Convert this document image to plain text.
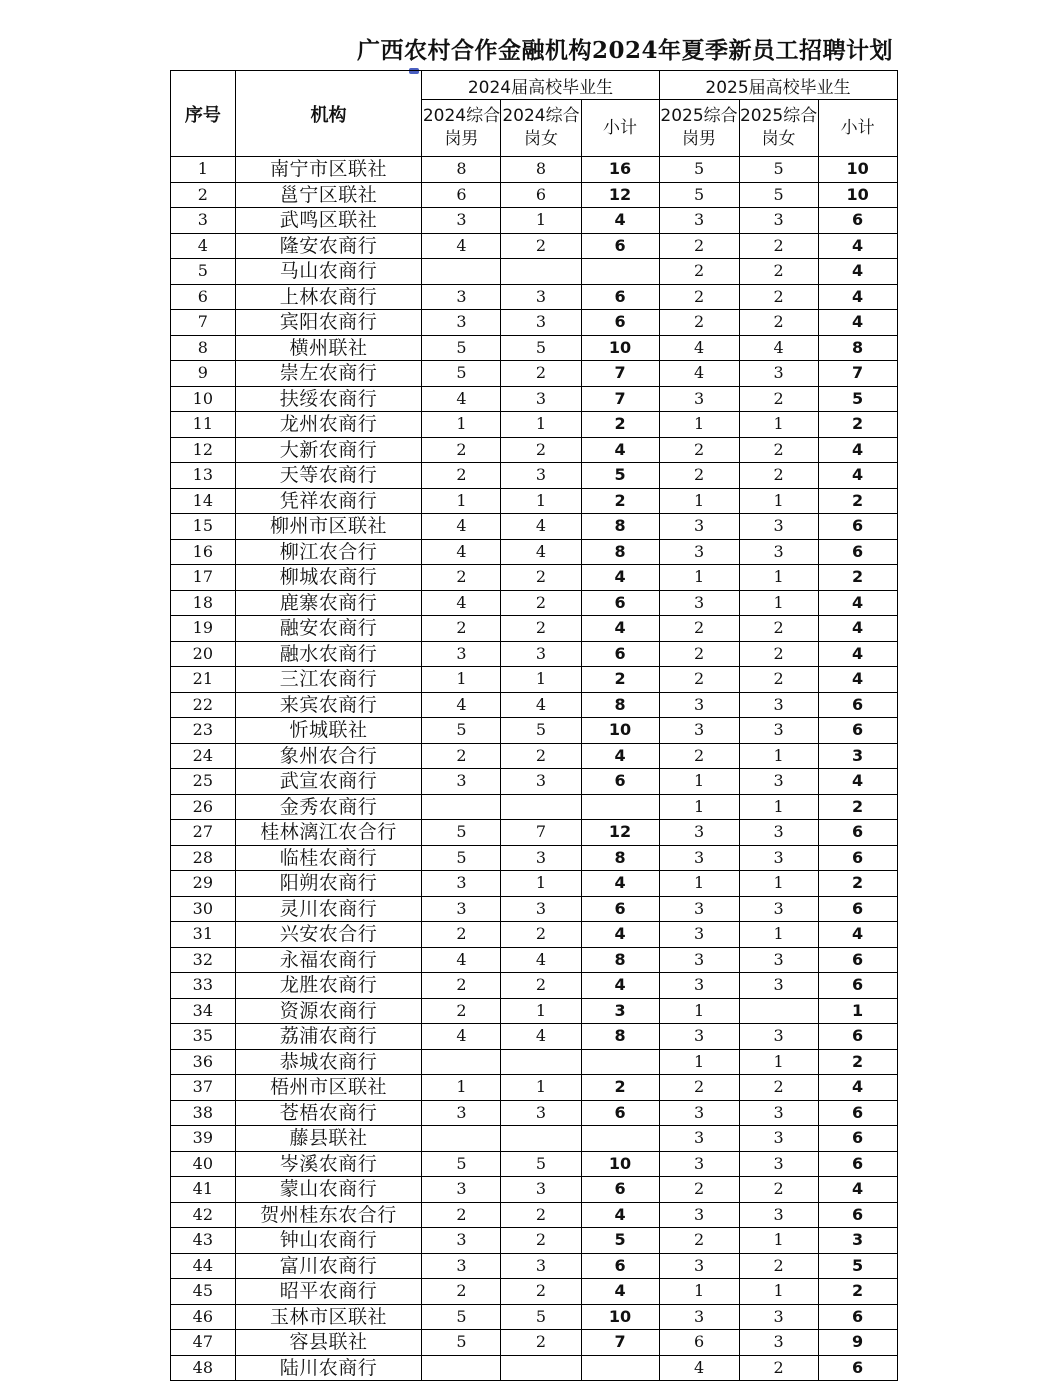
广西农村合作金融机构2024年夏季新员工招聘计划
序号	机构	2024届高校毕业生			2025届高校毕业生			
		2024综合岗男	2024综合岗女	小计	2025综合岗男	2025综合岗女	小计	
1	南宁市区联社	8	8	16	5	5	10	
2	邕宁区联社	6	6	12	5	5	10	
3	武鸣区联社	3	1	4	3	3	6	
4	隆安农商行	4	2	6	2	2	4	
5	马山农商行				2	2	4	
6	上林农商行	3	3	6	2	2	4	
7	宾阳农商行	3	3	6	2	2	4	
8	横州联社	5	5	10	4	4	8	
9	崇左农商行	5	2	7	4	3	7	
10	扶绥农商行	4	3	7	3	2	5	
11	龙州农商行	1	1	2	1	1	2	
12	大新农商行	2	2	4	2	2	4	
13	天等农商行	2	3	5	2	2	4	
14	凭祥农商行	1	1	2	1	1	2	
15	柳州市区联社	4	4	8	3	3	6	
16	柳江农合行	4	4	8	3	3	6	
17	柳城农商行	2	2	4	1	1	2	
18	鹿寨农商行	4	2	6	3	1	4	
19	融安农商行	2	2	4	2	2	4	
20	融水农商行	3	3	6	2	2	4	
21	三江农商行	1	1	2	2	2	4	
22	来宾农商行	4	4	8	3	3	6	
23	忻城联社	5	5	10	3	3	6	
24	象州农合行	2	2	4	2	1	3	
25	武宣农商行	3	3	6	1	3	4	
26	金秀农商行				1	1	2	
27	桂林漓江农合行	5	7	12	3	3	6	
28	临桂农商行	5	3	8	3	3	6	
29	阳朔农商行	3	1	4	1	1	2	
30	灵川农商行	3	3	6	3	3	6	
31	兴安农合行	2	2	4	3	1	4	
32	永福农商行	4	4	8	3	3	6	
33	龙胜农商行	2	2	4	3	3	6	
34	资源农商行	2	1	3	1		1	
35	荔浦农商行	4	4	8	3	3	6	
36	恭城农商行				1	1	2	
37	梧州市区联社	1	1	2	2	2	4	
38	苍梧农商行	3	3	6	3	3	6	
39	藤县联社				3	3	6	
40	岑溪农商行	5	5	10	3	3	6	
41	蒙山农商行	3	3	6	2	2	4	
42	贺州桂东农合行	2	2	4	3	3	6	
43	钟山农商行	3	2	5	2	1	3	
44	富川农商行	3	3	6	3	2	5	
45	昭平农商行	2	2	4	1	1	2	
46	玉林市区联社	5	5	10	3	3	6	
47	容县联社	5	2	7	6	3	9	
48	陆川农商行				4	2	6	
